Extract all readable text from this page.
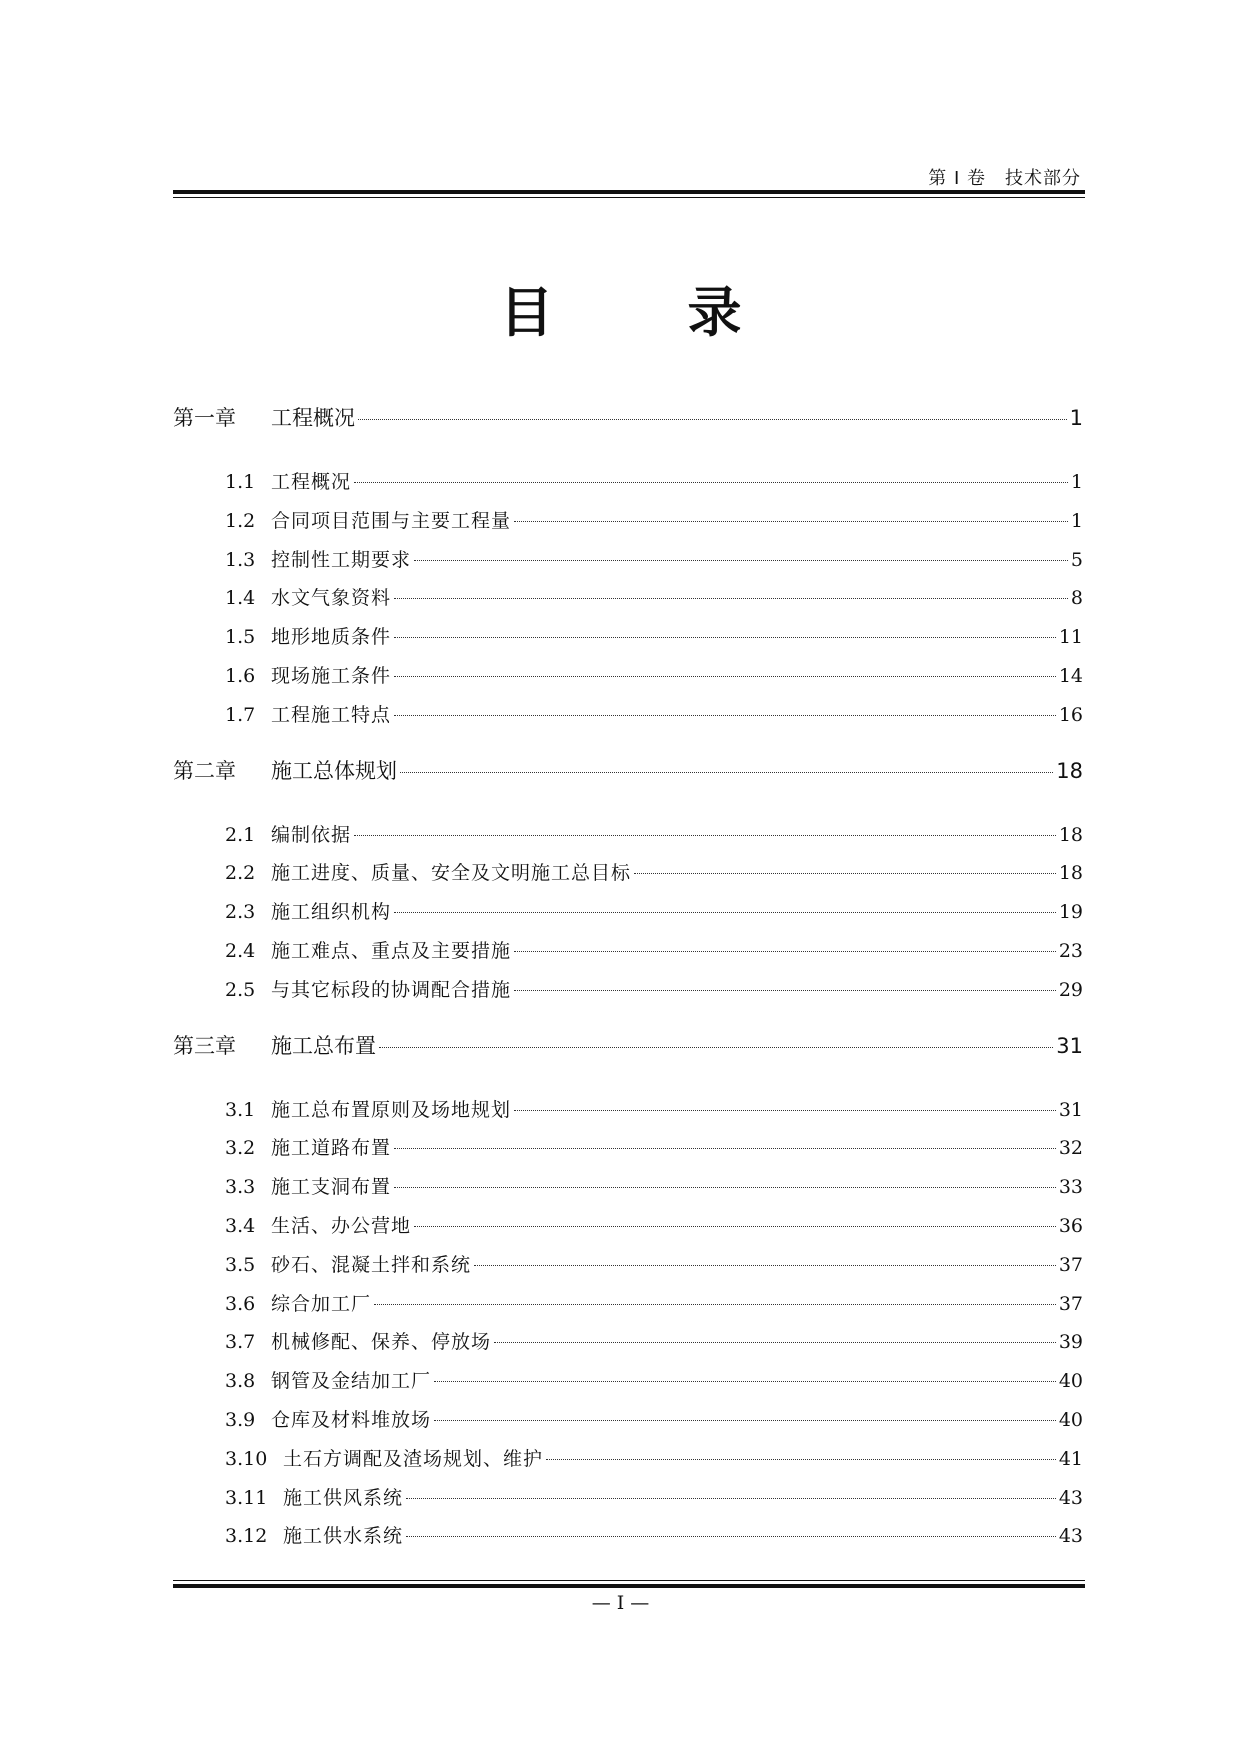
第 I 卷　技术部分
目　录
第一章	工程概况	1
1.1 工程概况	1
1.2 合同项目范围与主要工程量	1
1.3 控制性工期要求	5
1.4 水文气象资料	8
1.5 地形地质条件	11
1.6 现场施工条件	14
1.7 工程施工特点	16
第二章	施工总体规划	18
2.1 编制依据	18
2.2 施工进度、质量、安全及文明施工总目标	18
2.3 施工组织机构	19
2.4 施工难点、重点及主要措施	23
2.5 与其它标段的协调配合措施	29
第三章	施工总布置	31
3.1 施工总布置原则及场地规划	31
3.2 施工道路布置	32
3.3 施工支洞布置	33
3.4 生活、办公营地	36
3.5 砂石、混凝土拌和系统	37
3.6 综合加工厂	37
3.7 机械修配、保养、停放场	39
3.8 钢管及金结加工厂	40
3.9 仓库及材料堆放场	40
3.10 土石方调配及渣场规划、维护	41
3.11 施工供风系统	43
3.12 施工供水系统	43
— I —
